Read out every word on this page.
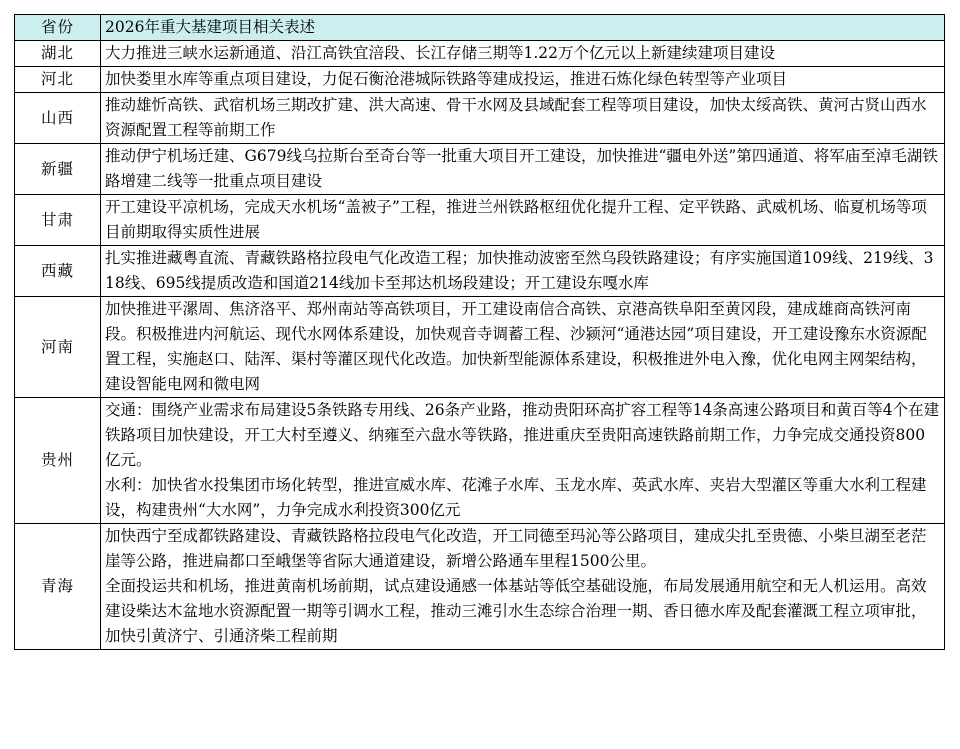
省份	2026年重大基建项目相关表述
湖北	大力推进三峡水运新通道、沿江高铁宜涪段、长江存储三期等1.22万个亿元以上新建续建项目建设

河北	加快娄里水库等重点项目建设，力促石衡沧港城际铁路等建成投运，推进石炼化绿色转型等产业项目

山西	推动雄忻高铁、武宿机场三期改扩建、洪大高速、骨干水网及县域配套工程等项目建设，加快太绥高铁、黄河古贤山西水资源配置工程等前期工作

新疆	推动伊宁机场迁建、G679线乌拉斯台至奇台等一批重大项目开工建设，加快推进“疆电外送”第四通道、将军庙至淖毛湖铁路增建二线等一批重点项目建设

甘肃	开工建设平凉机场，完成天水机场“盖被子”工程，推进兰州铁路枢纽优化提升工程、定平铁路、武威机场、临夏机场等项目前期取得实质性进展

西藏	扎实推进藏粤直流、青藏铁路格拉段电气化改造工程；加快推动波密至然乌段铁路建设；有序实施国道109线、219线、318线、695线提质改造和国道214线加卡至邦达机场段建设；开工建设东嘎水库

河南	加快推进平漯周、焦济洛平、郑州南站等高铁项目，开工建设南信合高铁、京港高铁阜阳至黄冈段，建成雄商高铁河南段。积极推进内河航运、现代水网体系建设，加快观音寺调蓄工程、沙颍河“通港达园”项目建设，开工建设豫东水资源配置工程，实施赵口、陆浑、渠村等灌区现代化改造。加快新型能源体系建设，积极推进外电入豫，优化电网主网架结构，建设智能电网和微电网

贵州	交通：围绕产业需求布局建设5条铁路专用线、26条产业路，推动贵阳环高扩容工程等14条高速公路项目和黄百等4个在建铁路项目加快建设，开工大村至遵义、纳雍至六盘水等铁路，推进重庆至贵阳高速铁路前期工作，力争完成交通投资800亿元。
水利：加快省水投集团市场化转型，推进宣威水库、花滩子水库、玉龙水库、英武水库、夹岩大型灌区等重大水利工程建设，构建贵州“大水网”，力争完成水利投资300亿元

青海	加快西宁至成都铁路建设、青藏铁路格拉段电气化改造，开工同德至玛沁等公路项目，建成尖扎至贵德、小柴旦湖至老茫崖等公路，推进扁都口至峨堡等省际大通道建设，新增公路通车里程1500公里。
全面投运共和机场，推进黄南机场前期，试点建设通感一体基站等低空基础设施，布局发展通用航空和无人机运用。高效建设柴达木盆地水资源配置一期等引调水工程，推动三滩引水生态综合治理一期、香日德水库及配套灌溉工程立项审批，加快引黄济宁、引通济柴工程前期
